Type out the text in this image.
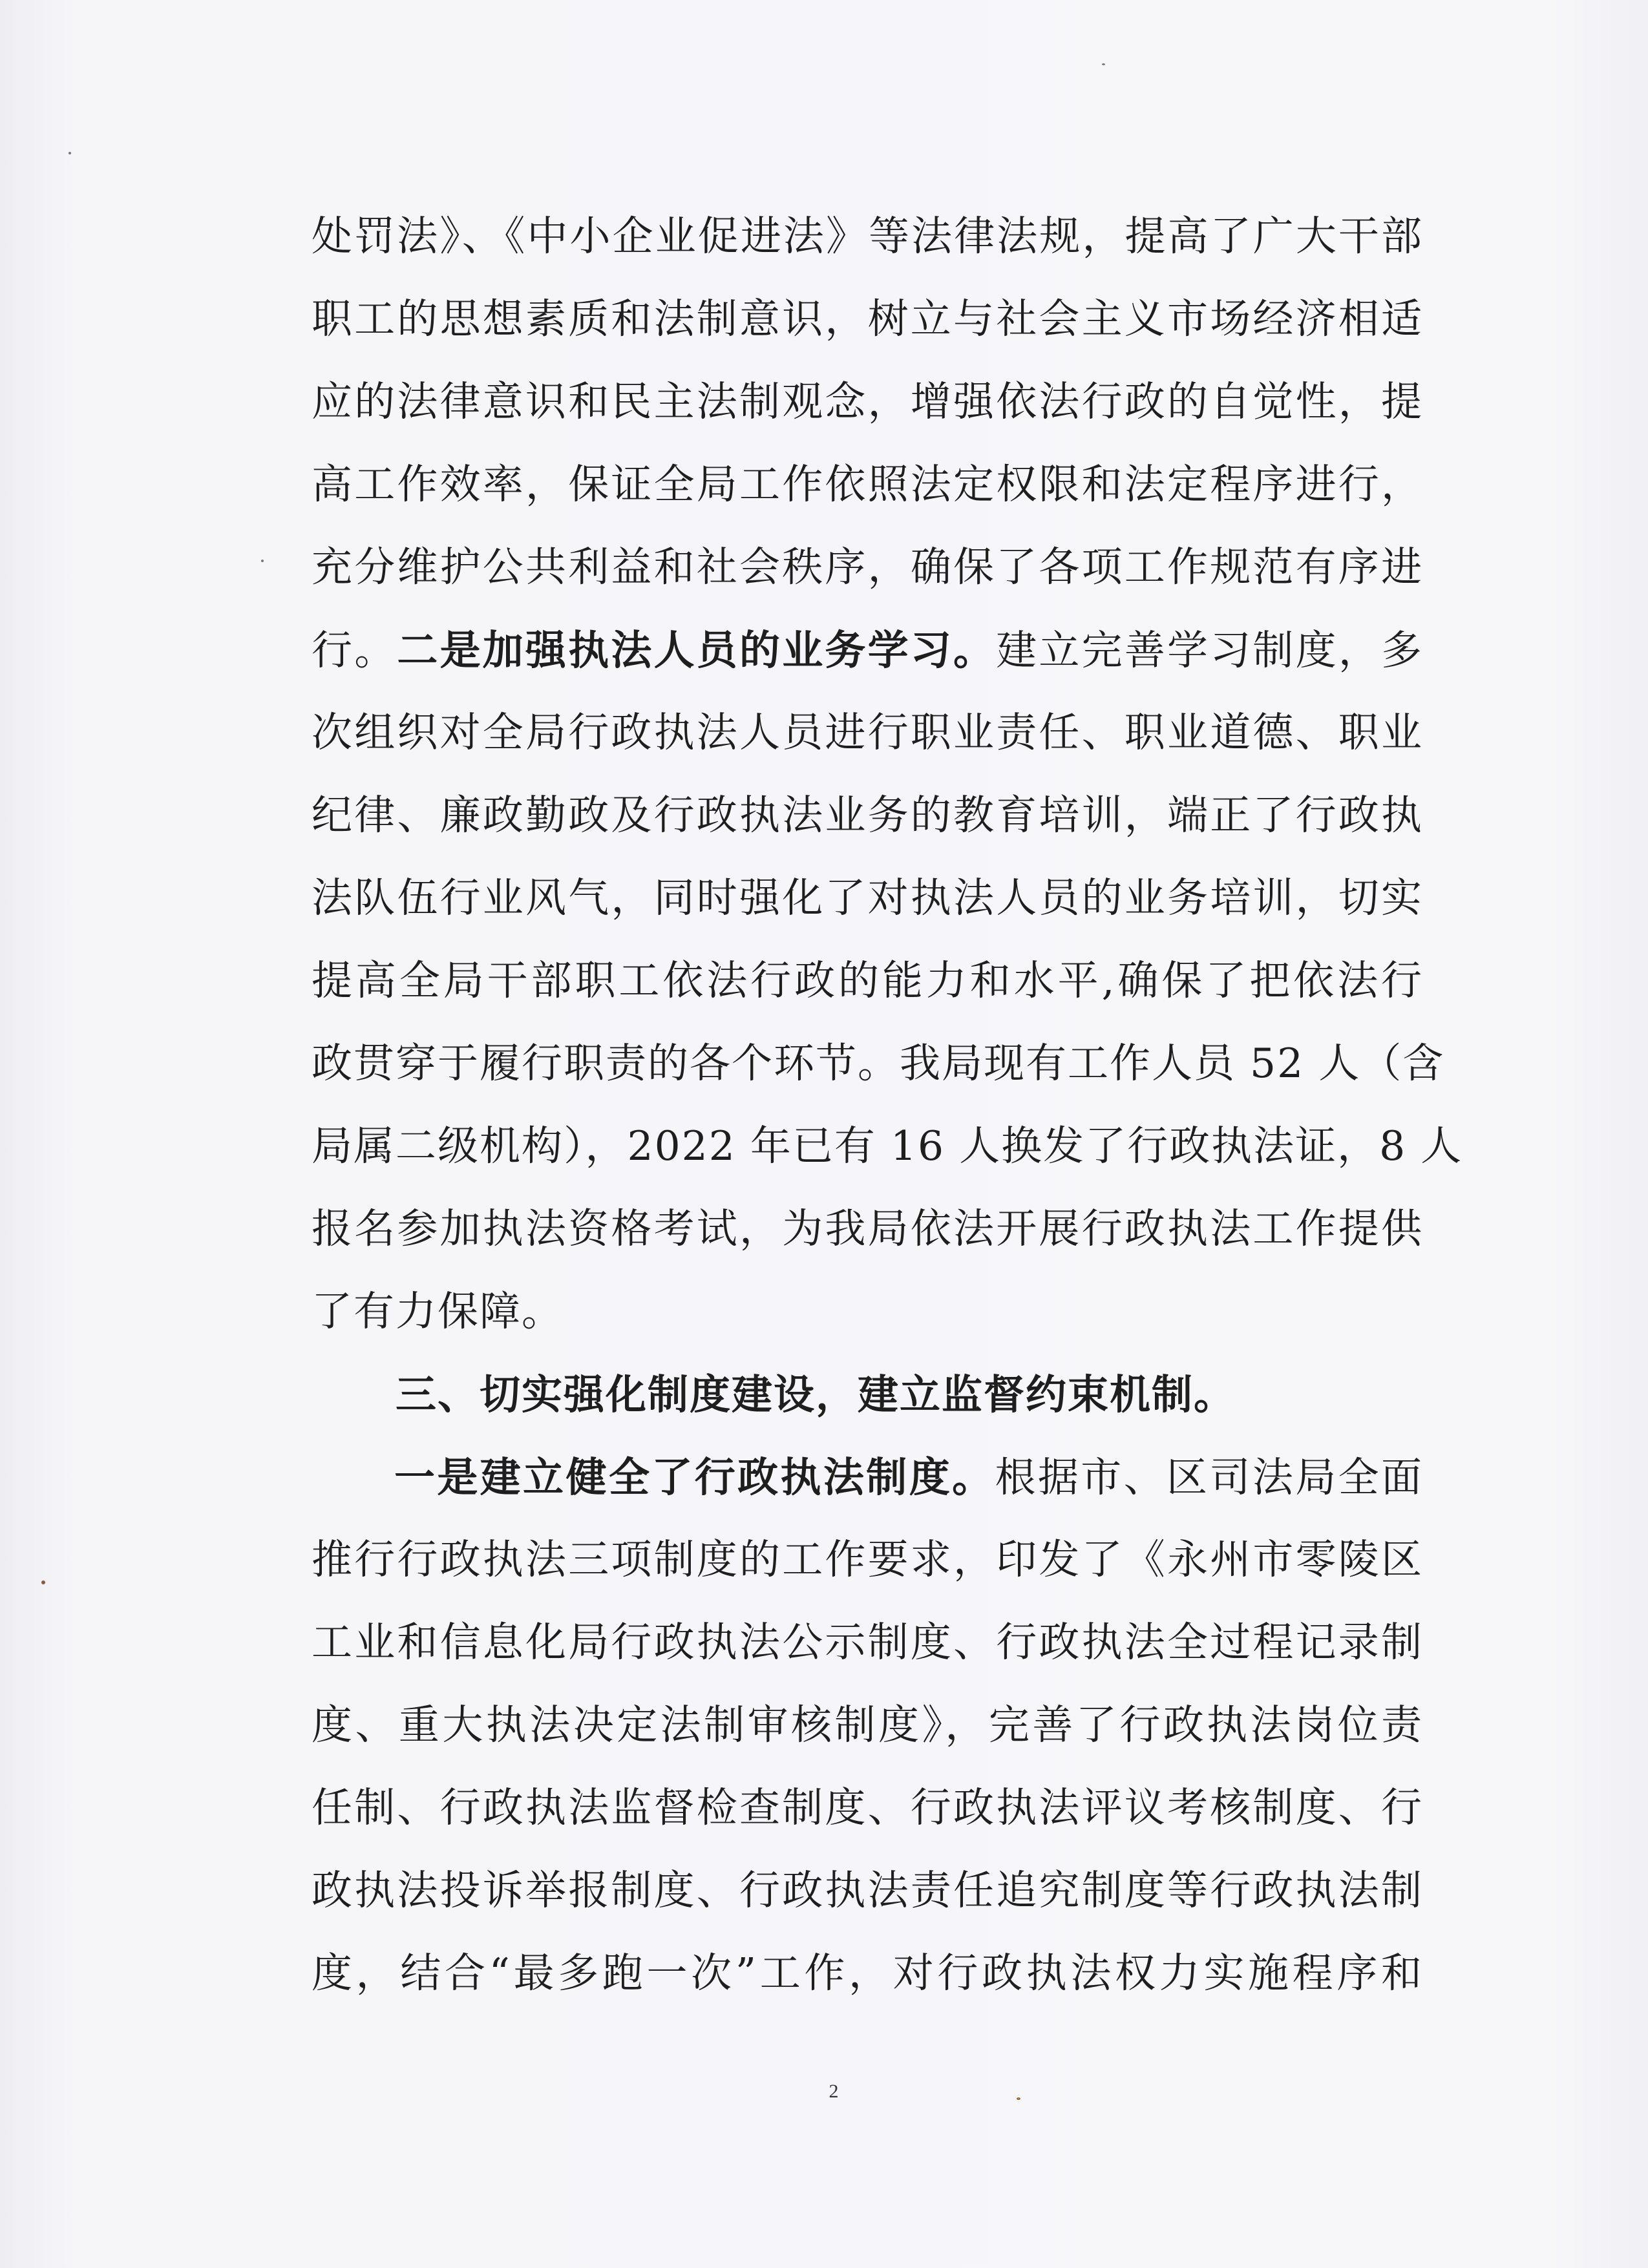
处罚法》、《中小企业促进法》等法律法规，提高了广大干部
职工的思想素质和法制意识，树立与社会主义市场经济相适
应的法律意识和民主法制观念，增强依法行政的自觉性，提
高工作效率，保证全局工作依照法定权限和法定程序进行，
充分维护公共利益和社会秩序，确保了各项工作规范有序进
行。二是加强执法人员的业务学习。建立完善学习制度，多
次组织对全局行政执法人员进行职业责任、职业道德、职业
纪律、廉政勤政及行政执法业务的教育培训，端正了行政执
法队伍行业风气，同时强化了对执法人员的业务培训，切实
提高全局干部职工依法行政的能力和水平,确保了把依法行
政贯穿于履行职责的各个环节。我局现有工作人员 52 人（含
局属二级机构），2022 年已有 16 人换发了行政执法证，8 人
报名参加执法资格考试，为我局依法开展行政执法工作提供
了有力保障。
三、切实强化制度建设，建立监督约束机制。
一是建立健全了行政执法制度。根据市、区司法局全面
推行行政执法三项制度的工作要求，印发了《永州市零陵区
工业和信息化局行政执法公示制度、行政执法全过程记录制
度、重大执法决定法制审核制度》，完善了行政执法岗位责
任制、行政执法监督检查制度、行政执法评议考核制度、行
政执法投诉举报制度、行政执法责任追究制度等行政执法制
度，结合“最多跑一次”工作，对行政执法权力实施程序和
2
